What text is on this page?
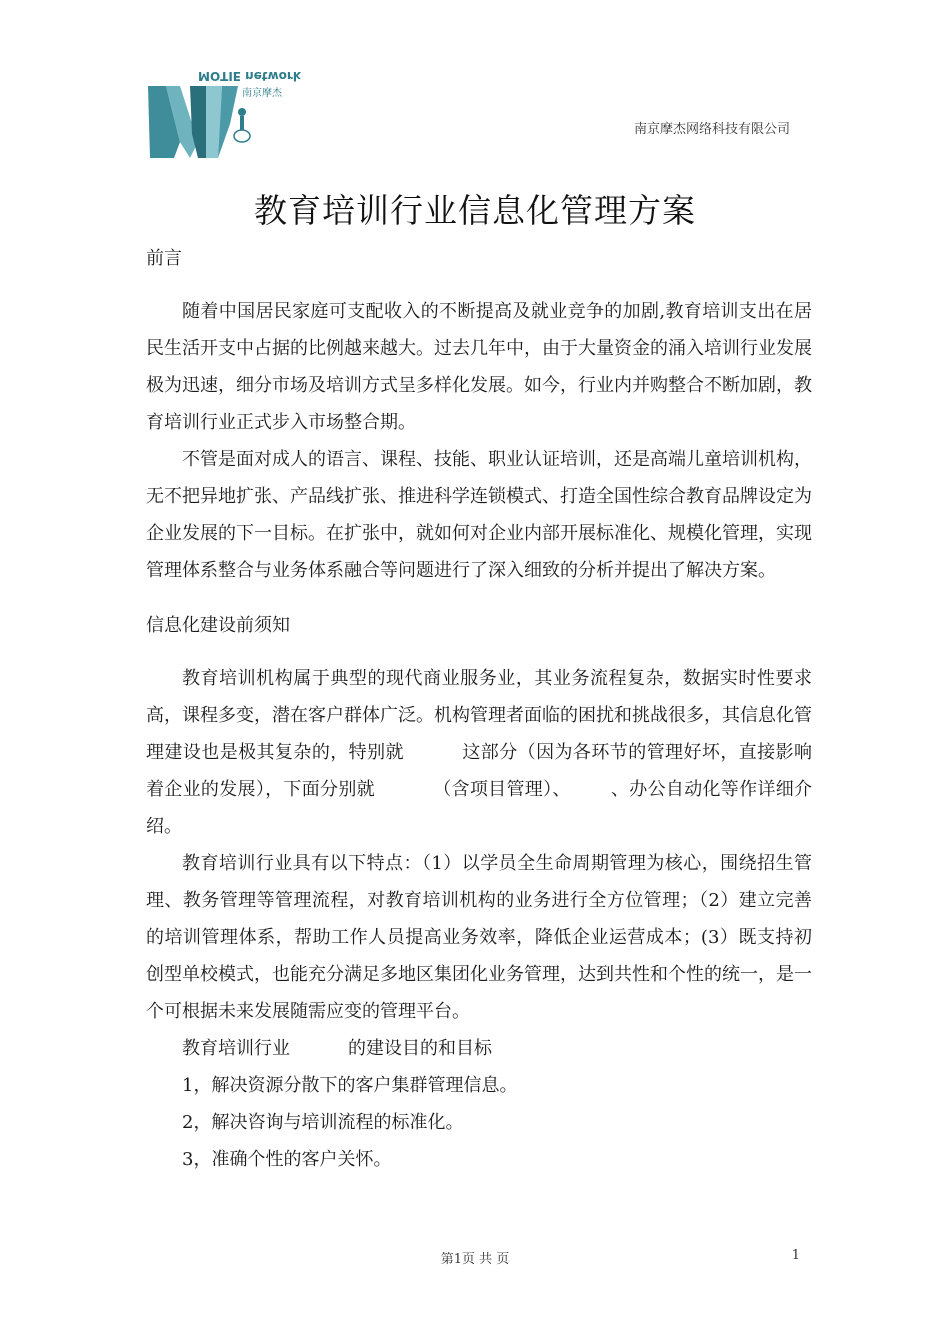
MOTIE network
南京摩杰
南京摩杰网络科技有限公司
教育培训行业信息化管理方案

前言

随着中国居民家庭可支配收入的不断提高及就业竞争的加剧,教育培训支出在居民生活开支中占据的比例越来越大。过去几年中，由于大量资金的涌入培训行业发展极为迅速，细分市场及培训方式呈多样化发展。如今，行业内并购整合不断加剧，教育培训行业正式步入市场整合期。

不管是面对成人的语言、课程、技能、职业认证培训，还是高端儿童培训机构，无不把异地扩张、产品线扩张、推进科学连锁模式、打造全国性综合教育品牌设定为企业发展的下一目标。在扩张中，就如何对企业内部开展标准化、规模化管理，实现管理体系整合与业务体系融合等问题进行了深入细致的分析并提出了解决方案。

信息化建设前须知

教育培训机构属于典型的现代商业服务业，其业务流程复杂，数据实时性要求高，课程多变，潜在客户群体广泛。机构管理者面临的困扰和挑战很多，其信息化管理建设也是极其复杂的，特别就	这部分（因为各环节的管理好坏，直接影响着企业的发展），下面分别就	（含项目管理）、 、办公自动化等作详细介绍。

教育培训行业具有以下特点：（1）以学员全生命周期管理为核心，围绕招生管理、教务管理等管理流程，对教育培训机构的业务进行全方位管理；（2）建立完善的培训管理体系，帮助工作人员提高业务效率，降低企业运营成本；(3）既支持初创型单校模式，也能充分满足多地区集团化业务管理，达到共性和个性的统一，是一个可根据未来发展随需应变的管理平台。

教育培训行业	的建设目的和目标

1，解决资源分散下的客户集群管理信息。

2，解决咨询与培训流程的标准化。

3，准确个性的客户关怀。

第1页 共 页	1
